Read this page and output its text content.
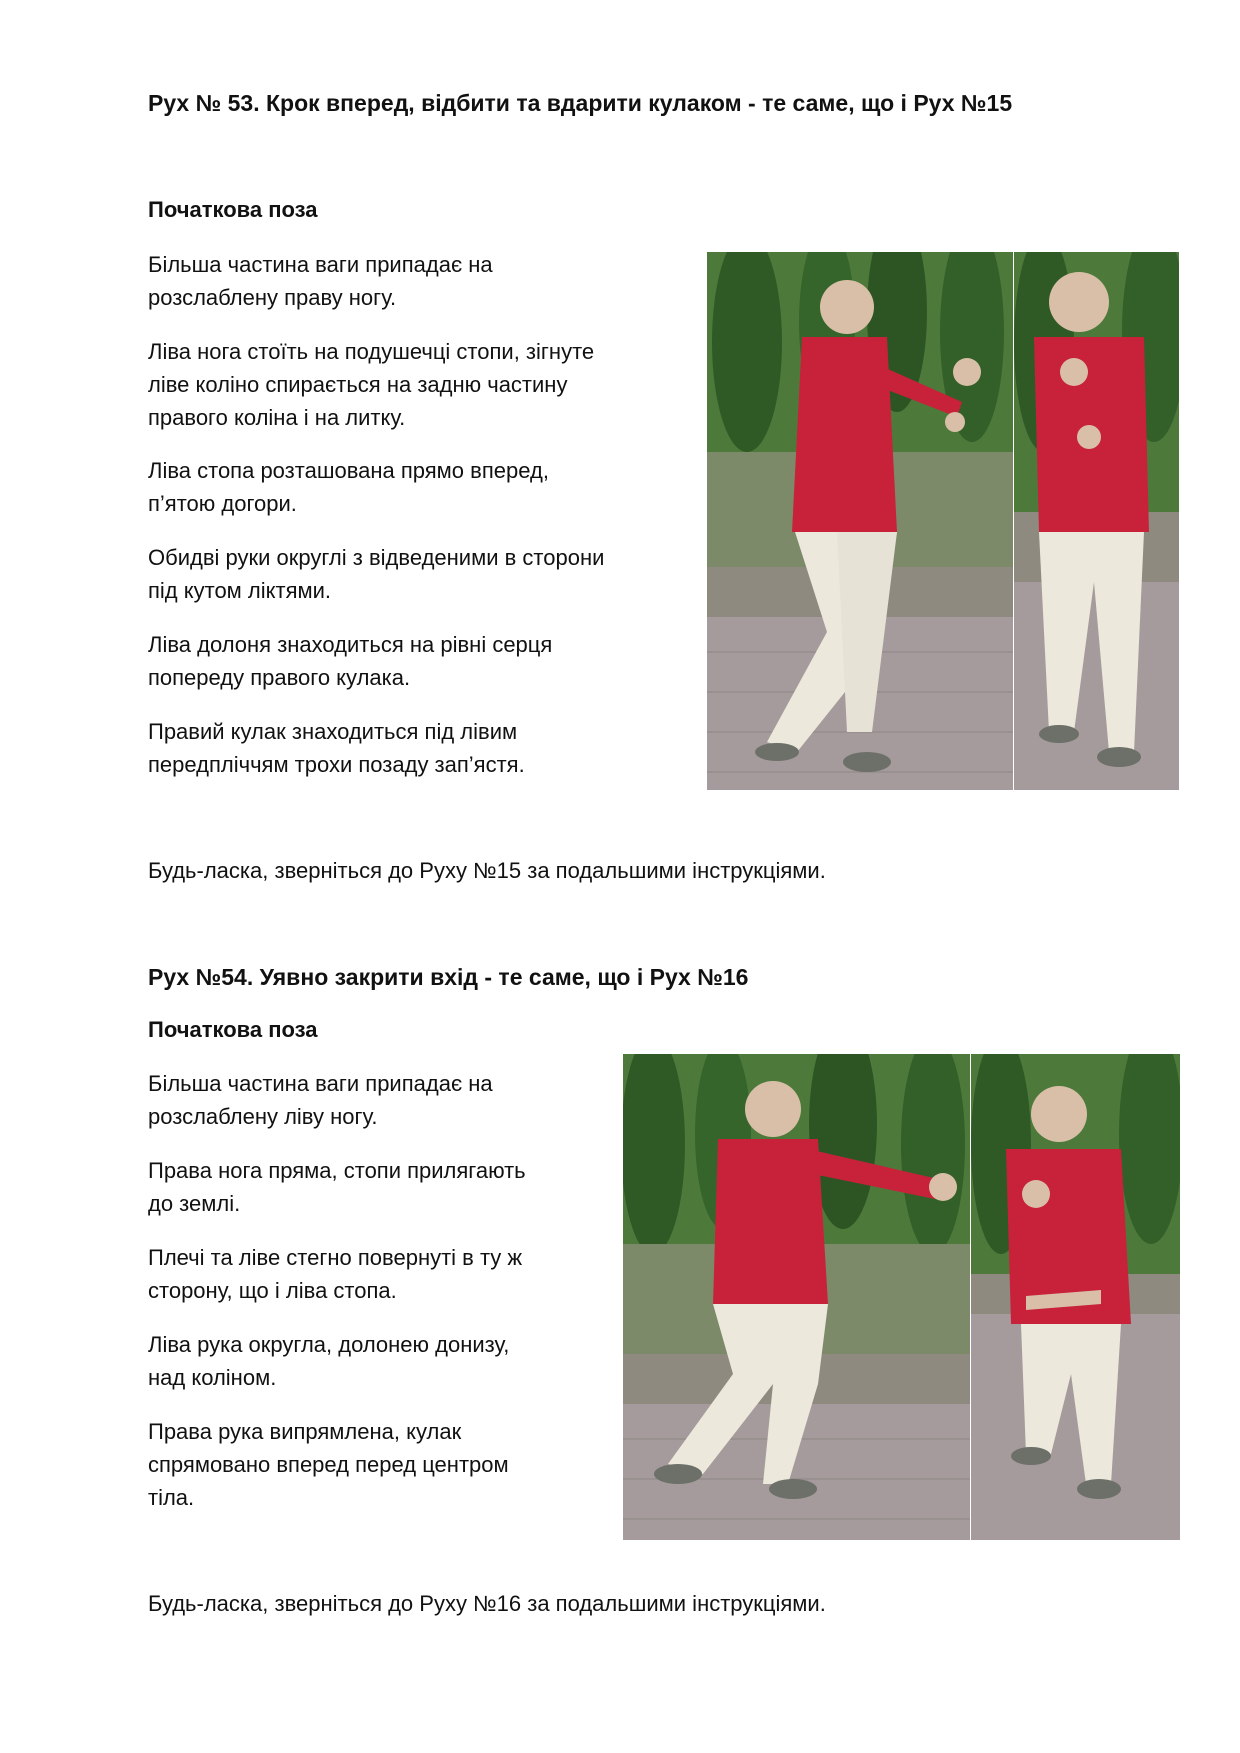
Рух № 53. Крок вперед, відбити та вдарити кулаком - те саме, що і Рух №15
Початкова поза

Більша частина ваги припадає на
розслаблену праву ногу.

Ліва нога стоїть на подушечці стопи, зігнуте
ліве коліно спирається на задню частину
правого коліна і на литку.

Ліва стопа розташована прямо вперед,
п’ятою догори.

Обидві руки округлі з відведеними в сторони
під кутом ліктями.

Ліва долоня знаходиться на рівні серця
попереду правого кулака.

Правий кулак знаходиться під лівим
передпліччям трохи позаду зап’ястя.

Будь-ласка, зверніться до Руху №15 за подальшими інструкціями.

Рух №54. Уявно закрити вхід - те саме, що і Рух №16
Початкова поза

Більша частина ваги припадає на
розслаблену ліву ногу.

Права нога пряма, стопи прилягають
до землі.

Плечі та ліве стегно повернуті в ту ж
сторону, що і ліва стопа.

Ліва рука округла, долонею донизу,
над коліном.

Права рука випрямлена, кулак
спрямовано вперед перед центром
тіла.

Будь-ласка, зверніться до Руху №16 за подальшими інструкціями.
